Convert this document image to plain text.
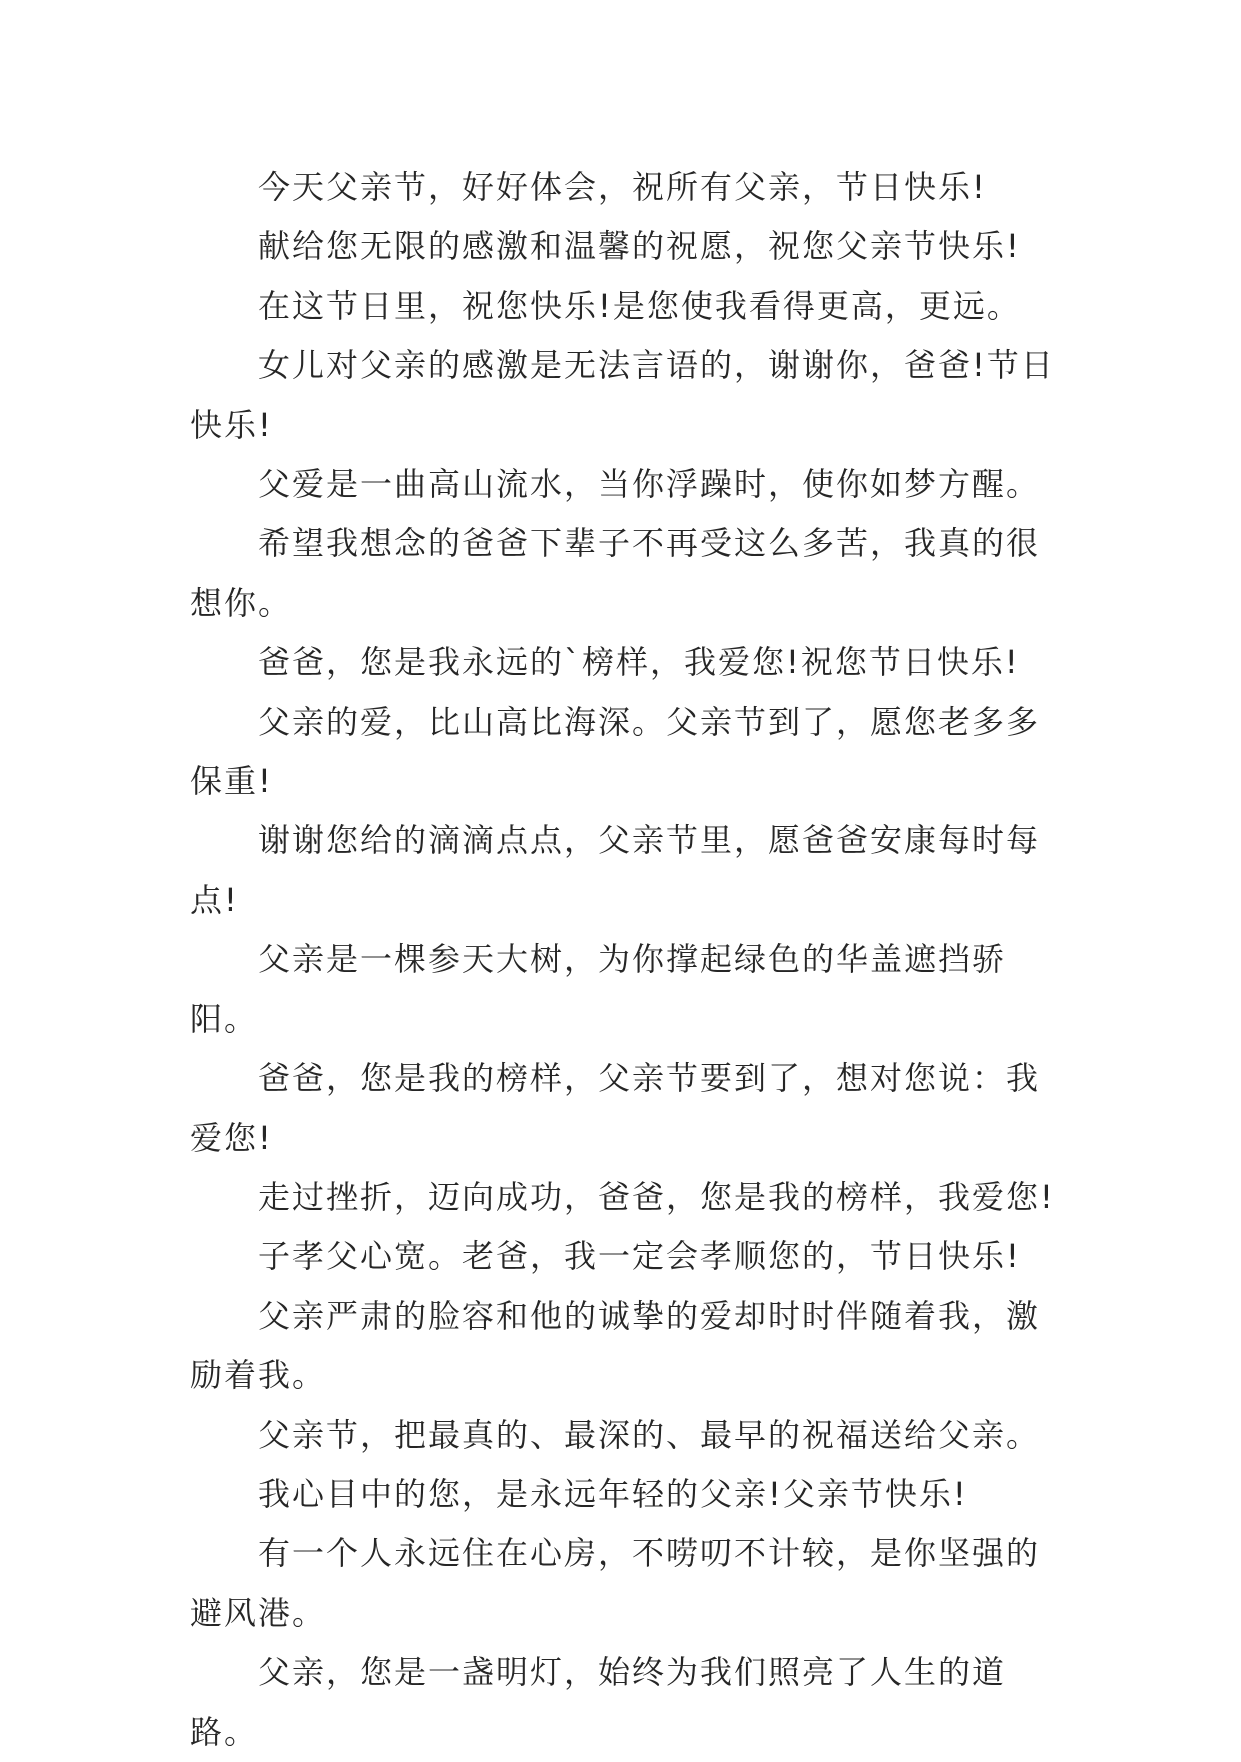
今天父亲节，好好体会，祝所有父亲，节日快乐!

献给您无限的感激和温馨的祝愿，祝您父亲节快乐!

在这节日里，祝您快乐!是您使我看得更高，更远。

女儿对父亲的感激是无法言语的，谢谢你，爸爸!节日快乐!

父爱是一曲高山流水，当你浮躁时，使你如梦方醒。

希望我想念的爸爸下辈子不再受这么多苦，我真的很想你。

爸爸，您是我永远的`榜样，我爱您!祝您节日快乐!

父亲的爱，比山高比海深。父亲节到了，愿您老多多保重!

谢谢您给的滴滴点点，父亲节里，愿爸爸安康每时每点!

父亲是一棵参天大树，为你撑起绿色的华盖遮挡骄阳。

爸爸，您是我的榜样，父亲节要到了，想对您说：我爱您!

走过挫折，迈向成功，爸爸，您是我的榜样，我爱您!

子孝父心宽。老爸，我一定会孝顺您的，节日快乐!

父亲严肃的脸容和他的诚挚的爱却时时伴随着我，激励着我。

父亲节，把最真的、最深的、最早的祝福送给父亲。

我心目中的您，是永远年轻的父亲!父亲节快乐!

有一个人永远住在心房，不唠叨不计较，是你坚强的避风港。

父亲，您是一盏明灯，始终为我们照亮了人生的道路。
